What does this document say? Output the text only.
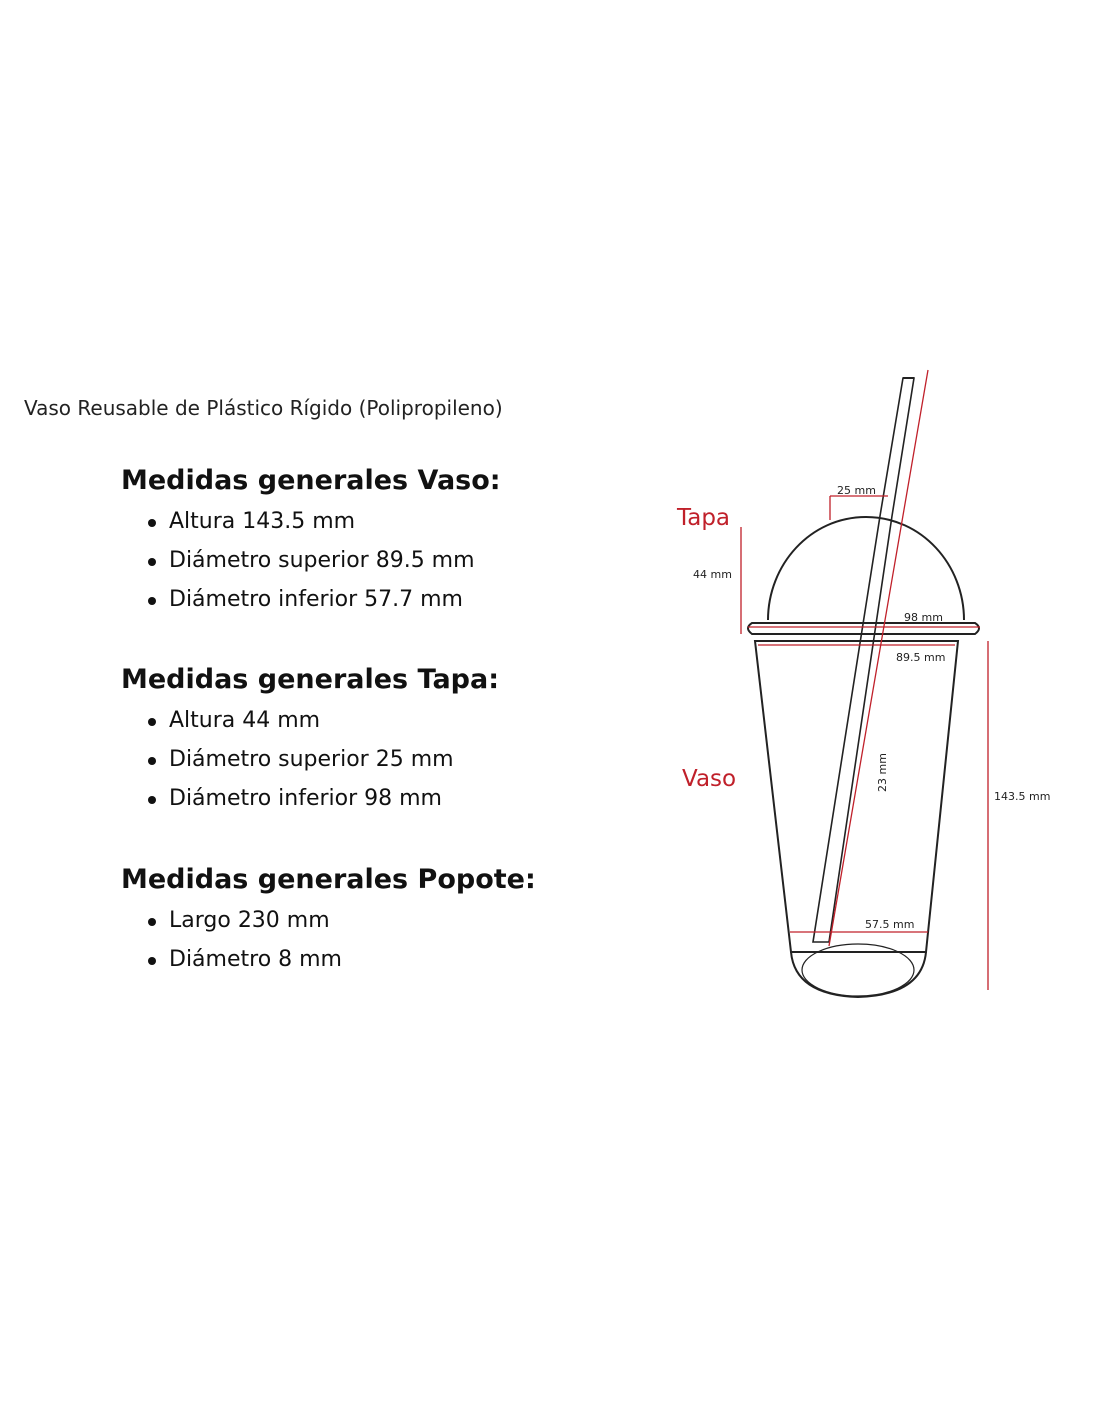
Vaso Reusable de Plástico Rígido (Polipropileno)
Medidas generales Vaso:
Altura 143.5 mm
Diámetro superior 89.5 mm
Diámetro inferior 57.7 mm
Medidas generales Tapa:
Altura 44 mm
Diámetro superior 25 mm
Diámetro inferior 98 mm
Medidas generales Popote:
Largo 230 mm
Diámetro 8 mm
Tapa
Vaso
25 mm
44 mm
98 mm
89.5 mm
23 mm
143.5 mm
57.5 mm
